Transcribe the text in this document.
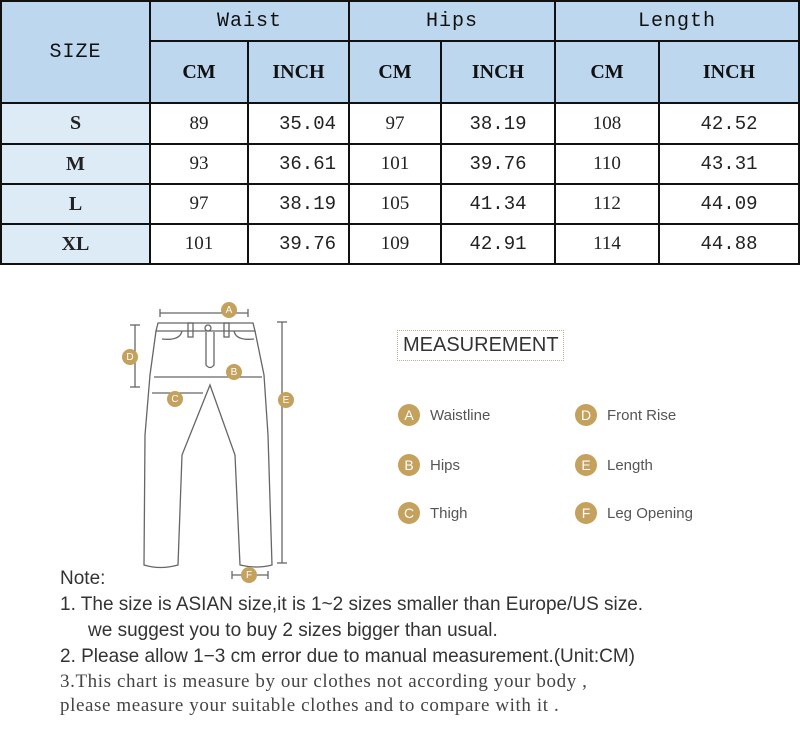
SIZE	Waist		Hips		Length	
	CM	INCH	CM	INCH	CM	INCH
S	89	35.04	97	38.19	108	42.52
M	93	36.61	101	39.76	110	43.31
L	97	38.19	105	41.34	112	44.09
XL	101	39.76	109	42.91	114	44.88
A
B
C
D
E
F
MEASUREMENT
A	Waistline
B	Hips
C	Thigh
D	Front Rise
E	Length
F	Leg Opening
Note:
1. The size is ASIAN size,it is 1~2 sizes smaller than Europe/US size.
we suggest you to buy 2 sizes bigger than usual.
2. Please allow 1−3 cm error due to manual measurement.(Unit:CM)
3.This chart is measure by our clothes not according your body ,
please measure your suitable clothes and to compare with it .
